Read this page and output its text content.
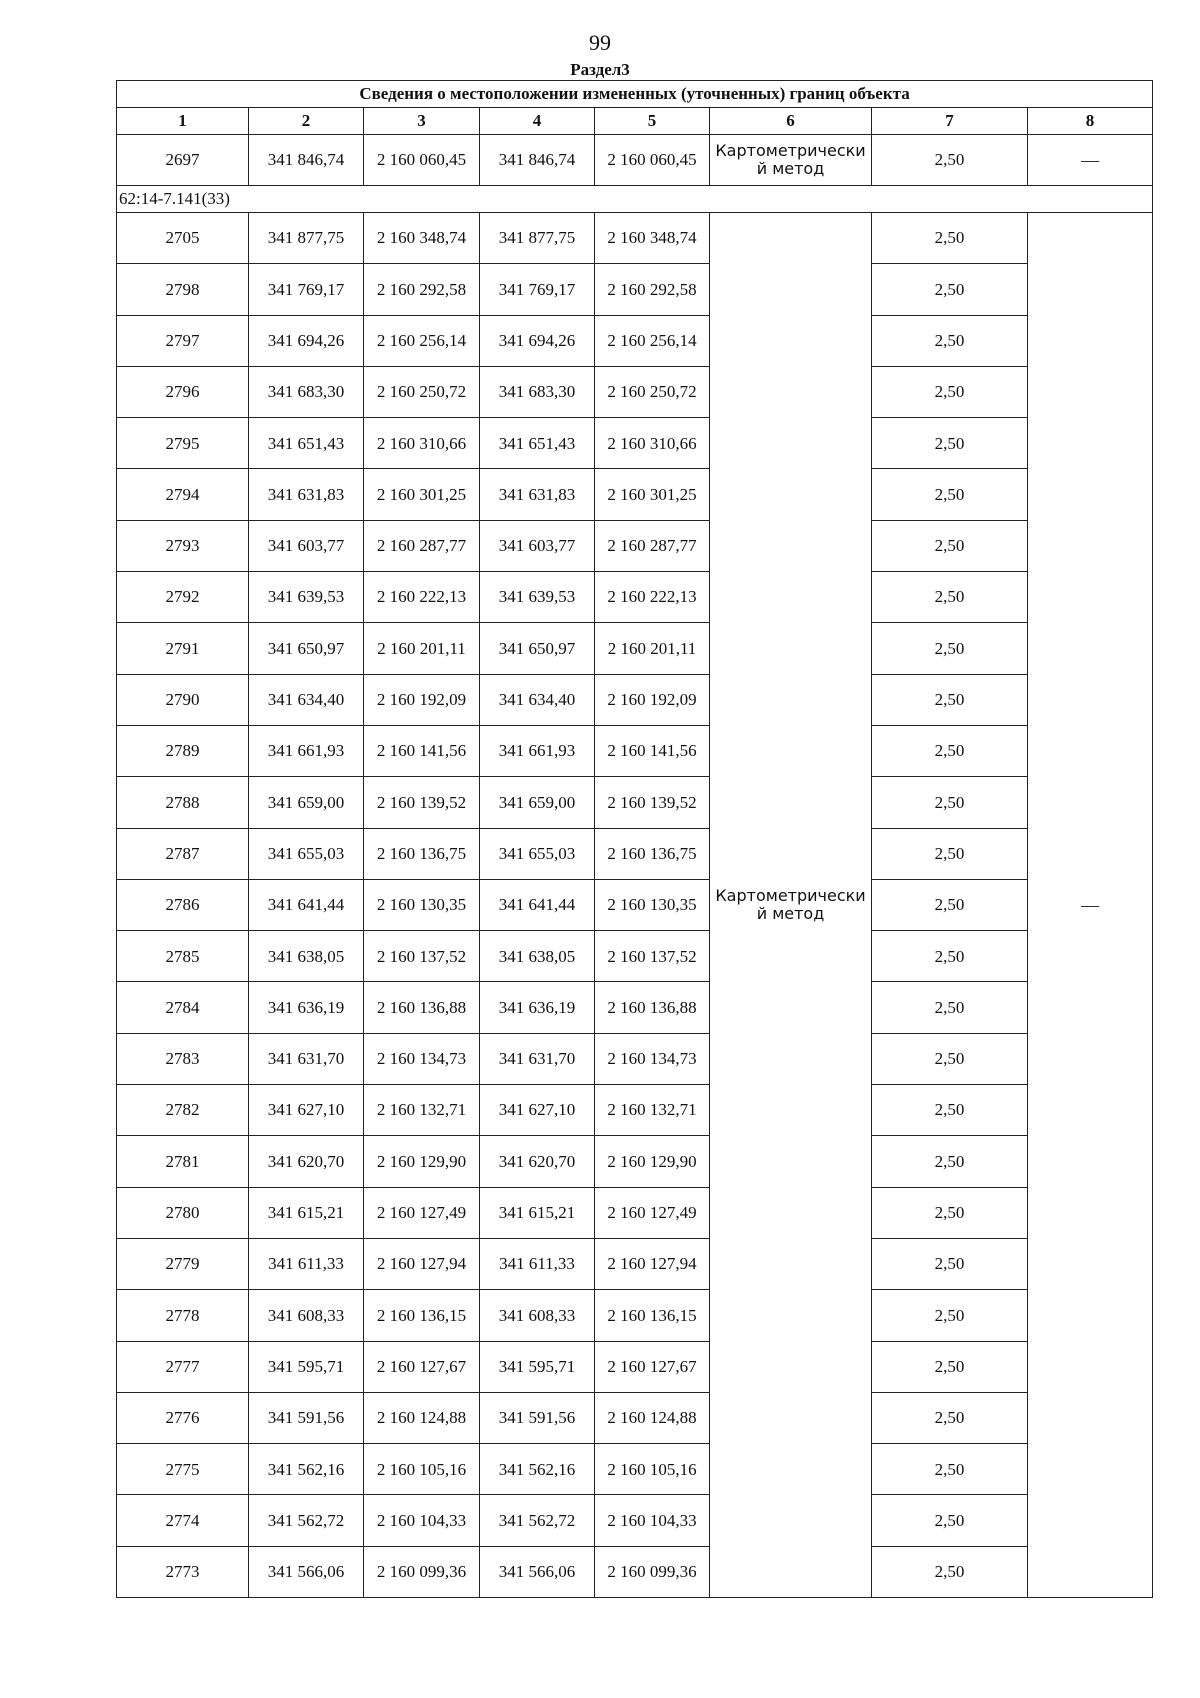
99
Раздел3
Сведения о местоположении измененных (уточненных) границ объекта							
1	2	3	4	5	6	7	8
2697	341 846,74	2 160 060,45	341 846,74	2 160 060,45	Картометрически й метод	2,50	—
62:14-7.141(33)							
2705	341 877,75	2 160 348,74	341 877,75	2 160 348,74	Картометрически й метод	2,50	—
2798	341 769,17	2 160 292,58	341 769,17	2 160 292,58		2,50	
2797	341 694,26	2 160 256,14	341 694,26	2 160 256,14		2,50	
2796	341 683,30	2 160 250,72	341 683,30	2 160 250,72		2,50	
2795	341 651,43	2 160 310,66	341 651,43	2 160 310,66		2,50	
2794	341 631,83	2 160 301,25	341 631,83	2 160 301,25		2,50	
2793	341 603,77	2 160 287,77	341 603,77	2 160 287,77		2,50	
2792	341 639,53	2 160 222,13	341 639,53	2 160 222,13		2,50	
2791	341 650,97	2 160 201,11	341 650,97	2 160 201,11		2,50	
2790	341 634,40	2 160 192,09	341 634,40	2 160 192,09		2,50	
2789	341 661,93	2 160 141,56	341 661,93	2 160 141,56		2,50	
2788	341 659,00	2 160 139,52	341 659,00	2 160 139,52		2,50	
2787	341 655,03	2 160 136,75	341 655,03	2 160 136,75		2,50	
2786	341 641,44	2 160 130,35	341 641,44	2 160 130,35		2,50	
2785	341 638,05	2 160 137,52	341 638,05	2 160 137,52		2,50	
2784	341 636,19	2 160 136,88	341 636,19	2 160 136,88		2,50	
2783	341 631,70	2 160 134,73	341 631,70	2 160 134,73		2,50	
2782	341 627,10	2 160 132,71	341 627,10	2 160 132,71		2,50	
2781	341 620,70	2 160 129,90	341 620,70	2 160 129,90		2,50	
2780	341 615,21	2 160 127,49	341 615,21	2 160 127,49		2,50	
2779	341 611,33	2 160 127,94	341 611,33	2 160 127,94		2,50	
2778	341 608,33	2 160 136,15	341 608,33	2 160 136,15		2,50	
2777	341 595,71	2 160 127,67	341 595,71	2 160 127,67		2,50	
2776	341 591,56	2 160 124,88	341 591,56	2 160 124,88		2,50	
2775	341 562,16	2 160 105,16	341 562,16	2 160 105,16		2,50	
2774	341 562,72	2 160 104,33	341 562,72	2 160 104,33		2,50	
2773	341 566,06	2 160 099,36	341 566,06	2 160 099,36		2,50	
